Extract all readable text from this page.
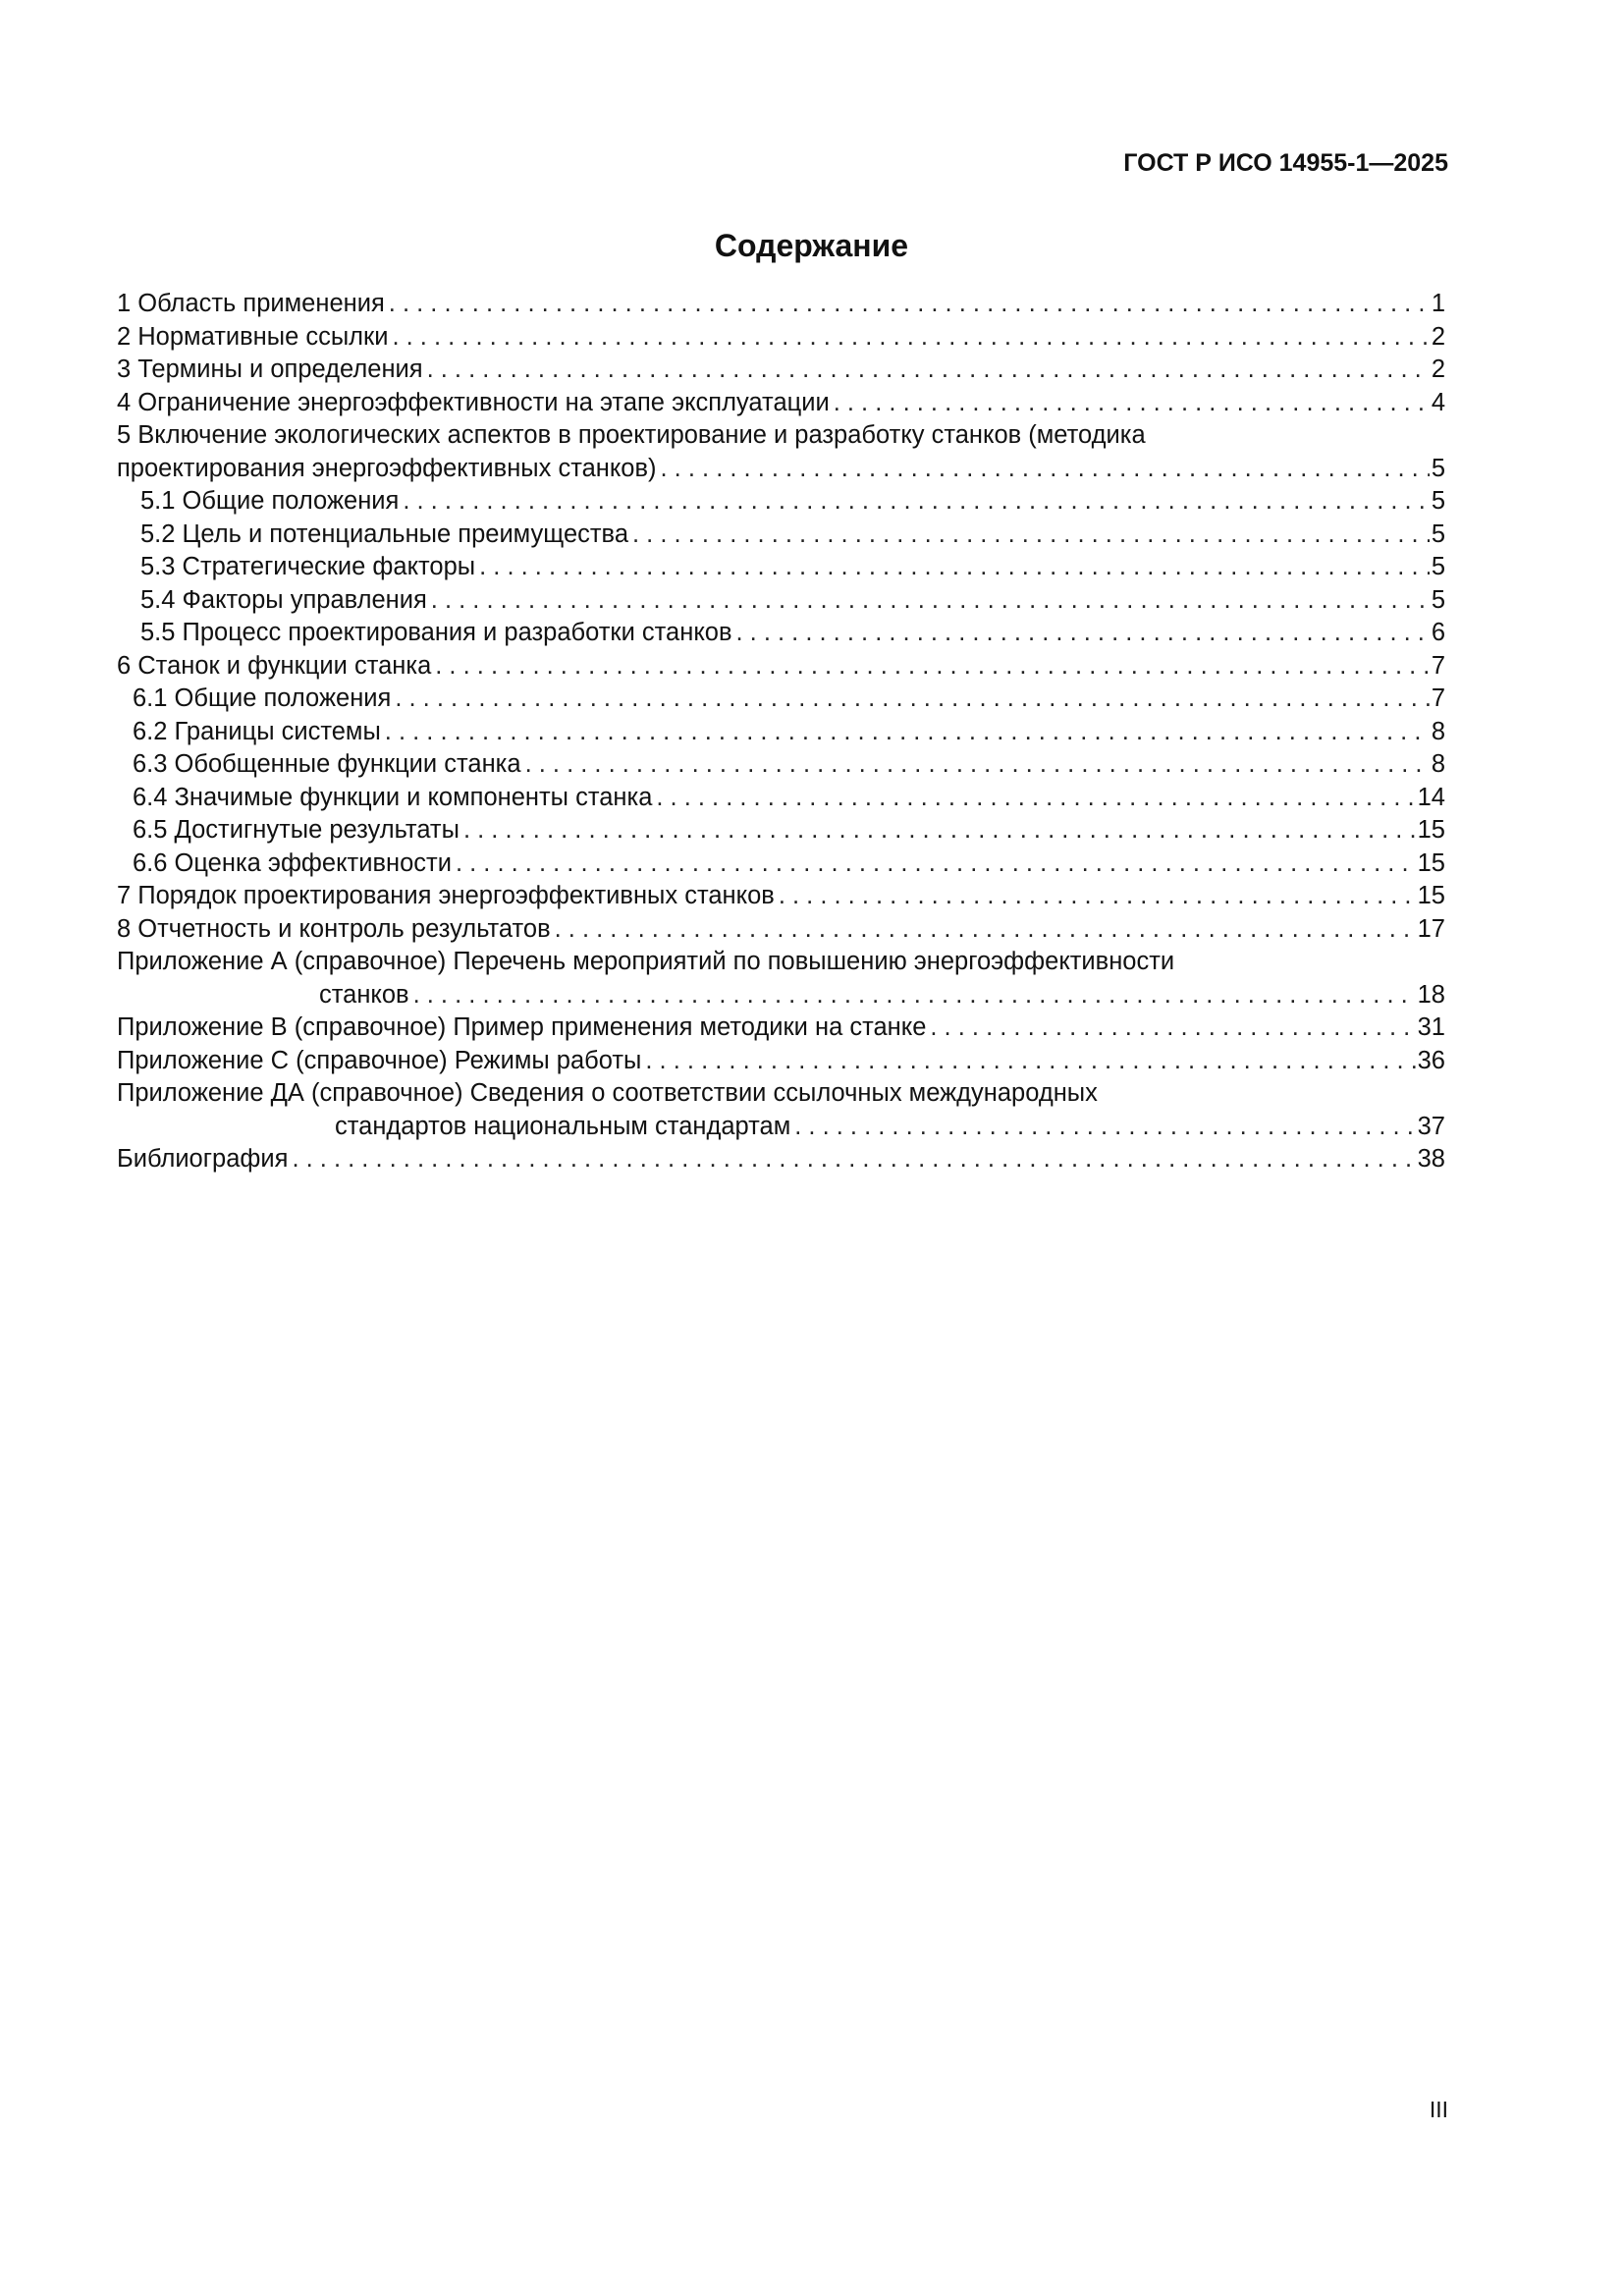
ГОСТ Р ИСО 14955-1—2025
Содержание
1 Область применения . . .	1
2 Нормативные ссылки . . .	2
3 Термины и определения . . .	2
4 Ограничение энергоэффективности на этапе эксплуатации . . .	4
5 Включение экологических аспектов в проектирование и разработку станков (методика
проектирования энергоэффективных станков) . . .	5
5.1 Общие положения . . .	5
5.2 Цель и потенциальные преимущества . . .	5
5.3 Стратегические факторы . . .	5
5.4 Факторы управления . . .	5
5.5 Процесс проектирования и разработки станков . . .	6
6 Станок и функции станка . . .	7
6.1 Общие положения . . .	7
6.2 Границы системы . . .	8
6.3 Обобщенные функции станка . . .	8
6.4 Значимые функции и компоненты станка . . .	14
6.5 Достигнутые результаты . . .	15
6.6 Оценка эффективности . . .	15
7 Порядок проектирования энергоэффективных станков . . .	15
8 Отчетность и контроль результатов . . .	17
Приложение А (справочное) Перечень мероприятий по повышению энергоэффективности
станков . . .	18
Приложение В (справочное) Пример применения методики на станке . . .	31
Приложение С (справочное) Режимы работы . . .	36
Приложение ДА (справочное) Сведения о соответствии ссылочных международных
стандартов национальным стандартам . . .	37
Библиография . . .	38
III
